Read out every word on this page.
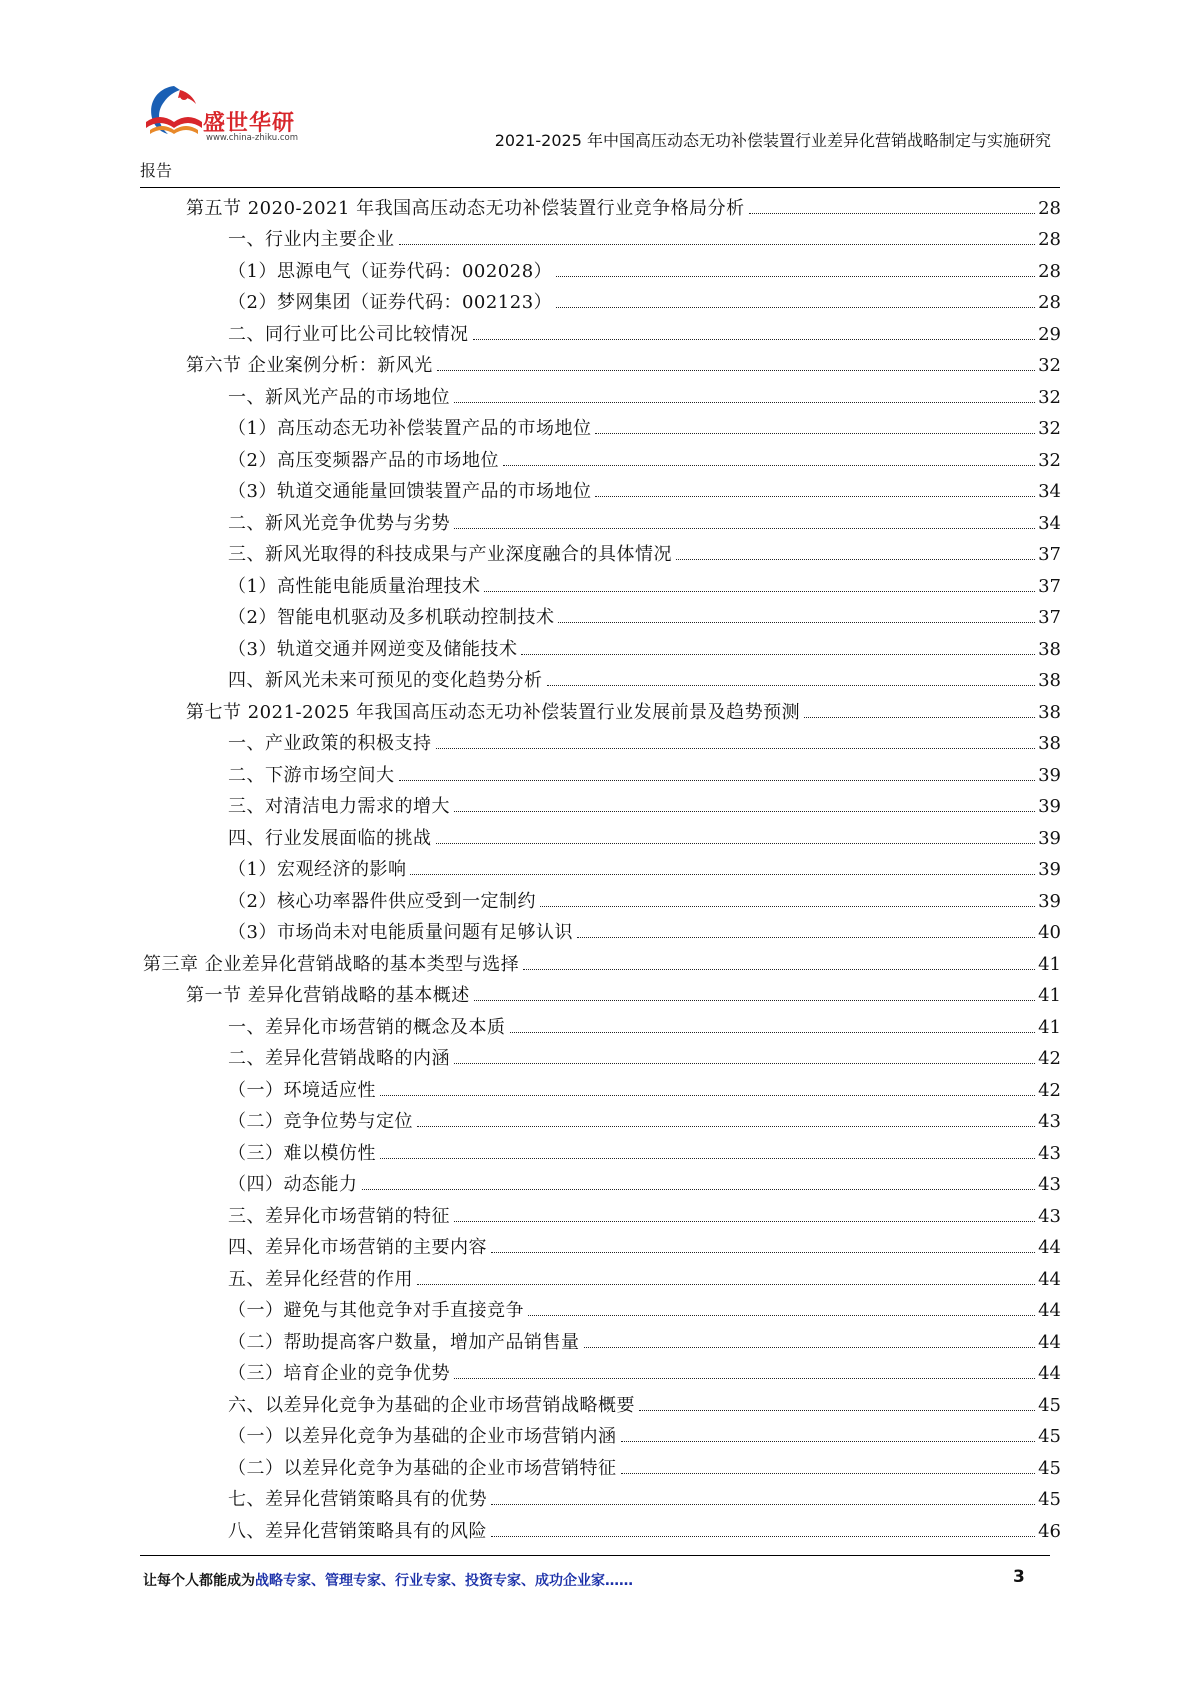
盛世华研
www.china-zhiku.com	2021-2025 年中国高压动态无功补偿装置行业差异化营销战略制定与实施研究
报告
第五节 2020-2021 年我国高压动态无功补偿装置行业竞争格局分析	28
一、行业内主要企业	28
（1）思源电气（证券代码：002028）	28
（2）梦网集团（证券代码：002123）	28
二、同行业可比公司比较情况	29
第六节 企业案例分析：新风光	32
一、新风光产品的市场地位	32
（1）高压动态无功补偿装置产品的市场地位	32
（2）高压变频器产品的市场地位	32
（3）轨道交通能量回馈装置产品的市场地位	34
二、新风光竞争优势与劣势	34
三、新风光取得的科技成果与产业深度融合的具体情况	37
（1）高性能电能质量治理技术	37
（2）智能电机驱动及多机联动控制技术	37
（3）轨道交通并网逆变及储能技术	38
四、新风光未来可预见的变化趋势分析	38
第七节 2021-2025 年我国高压动态无功补偿装置行业发展前景及趋势预测	38
一、产业政策的积极支持	38
二、下游市场空间大	39
三、对清洁电力需求的增大	39
四、行业发展面临的挑战	39
（1）宏观经济的影响	39
（2）核心功率器件供应受到一定制约	39
（3）市场尚未对电能质量问题有足够认识	40
第三章 企业差异化营销战略的基本类型与选择	41
第一节 差异化营销战略的基本概述	41
一、差异化市场营销的概念及本质	41
二、差异化营销战略的内涵	42
（一）环境适应性	42
（二）竞争位势与定位	43
（三）难以模仿性	43
（四）动态能力	43
三、差异化市场营销的特征	43
四、差异化市场营销的主要内容	44
五、差异化经营的作用	44
（一）避免与其他竞争对手直接竞争	44
（二）帮助提高客户数量，增加产品销售量	44
（三）培育企业的竞争优势	44
六、以差异化竞争为基础的企业市场营销战略概要	45
（一）以差异化竞争为基础的企业市场营销内涵	45
（二）以差异化竞争为基础的企业市场营销特征	45
七、差异化营销策略具有的优势	45
八、差异化营销策略具有的风险	46
让每个人都能成为战略专家、管理专家、行业专家、投资专家、成功企业家……	3
